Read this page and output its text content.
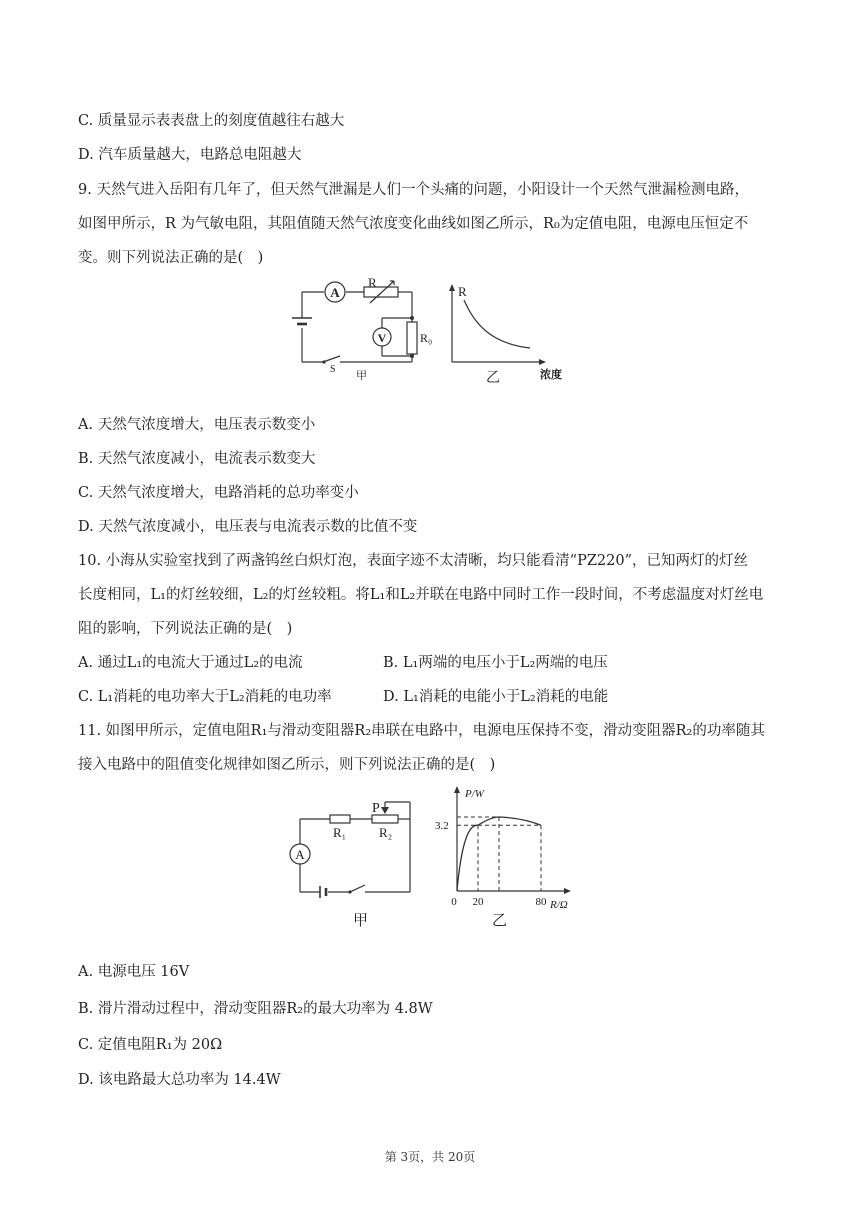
C. 质量显示表表盘上的刻度值越往右越大
D. 汽车质量越大，电路总电阻越大
9. 天然气进入岳阳有几年了，但天然气泄漏是人们一个头痛的问题，小阳设计一个天然气泄漏检测电路，
如图甲所示，R 为气敏电阻，其阻值随天然气浓度变化曲线如图乙所示，R₀为定值电阻，电源电压恒定不
变。则下列说法正确的是(　)
A
V
R
R₀
S
甲
R
浓度
乙
A. 天然气浓度增大，电压表示数变小
B. 天然气浓度减小，电流表示数变大
C. 天然气浓度增大，电路消耗的总功率变小
D. 天然气浓度减小，电压表与电流表示数的比值不变
10. 小海从实验室找到了两盏钨丝白炽灯泡，表面字迹不太清晰，均只能看清“PZ220”，已知两灯的灯丝
长度相同，L₁的灯丝较细，L₂的灯丝较粗。将L₁和L₂并联在电路中同时工作一段时间，不考虑温度对灯丝电
阻的影响，下列说法正确的是(　)
A. 通过L₁的电流大于通过L₂的电流	B. L₁两端的电压小于L₂两端的电压
C. L₁消耗的电功率大于L₂消耗的电功率	D. L₁消耗的电能小于L₂消耗的电能
11. 如图甲所示，定值电阻R₁与滑动变阻器R₂串联在电路中，电源电压保持不变，滑动变阻器R₂的功率随其
接入电路中的阻值变化规律如图乙所示，则下列说法正确的是(　)
P
R₁	R₂
A
甲
P/W
3.2
0 20	80 R/Ω
乙
A. 电源电压 16V
B. 滑片滑动过程中，滑动变阻器R₂的最大功率为 4.8W
C. 定值电阻R₁为 20Ω
D. 该电路最大总功率为 14.4W
第 3页，共 20页
